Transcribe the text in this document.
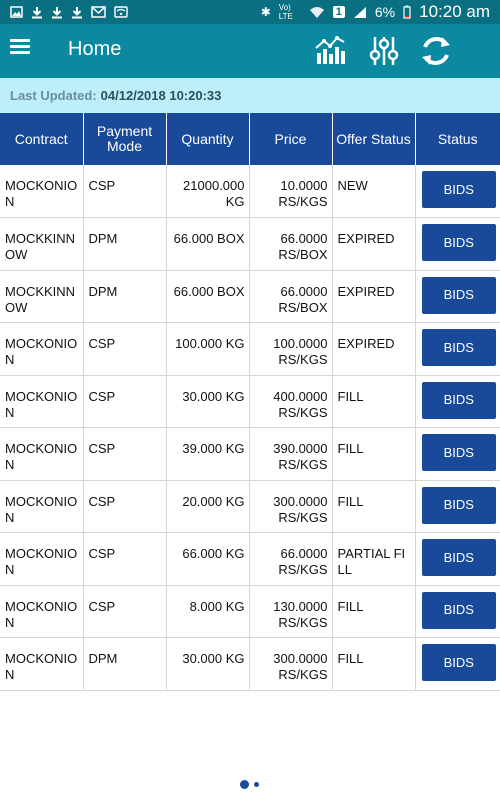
✱ Vo) LTE	1 6% 10:20 am
Home
Last Updated: 04/12/2018 10:20:33
Contract	Payment Mode	Quantity	Price	Offer Status	Status
MOCKONION	CSP	21000.000 KG	10.0000 RS/KGS	NEW	BIDS

MOCKKINNOW	DPM	66.000 BOX	66.0000 RS/BOX	EXPIRED	BIDS

MOCKKINNOW	DPM	66.000 BOX	66.0000 RS/BOX	EXPIRED	BIDS

MOCKONION	CSP	100.000 KG	100.0000 RS/KGS	EXPIRED	BIDS

MOCKONION	CSP	30.000 KG	400.0000 RS/KGS	FILL	BIDS

MOCKONION	CSP	39.000 KG	390.0000 RS/KGS	FILL	BIDS

MOCKONION	CSP	20.000 KG	300.0000 RS/KGS	FILL	BIDS

MOCKONION	CSP	66.000 KG	66.0000 RS/KGS	PARTIAL FILL	BIDS

MOCKONION	CSP	8.000 KG	130.0000 RS/KGS	FILL	BIDS

MOCKONION	DPM	30.000 KG	300.0000 RS/KGS	FILL	BIDS
